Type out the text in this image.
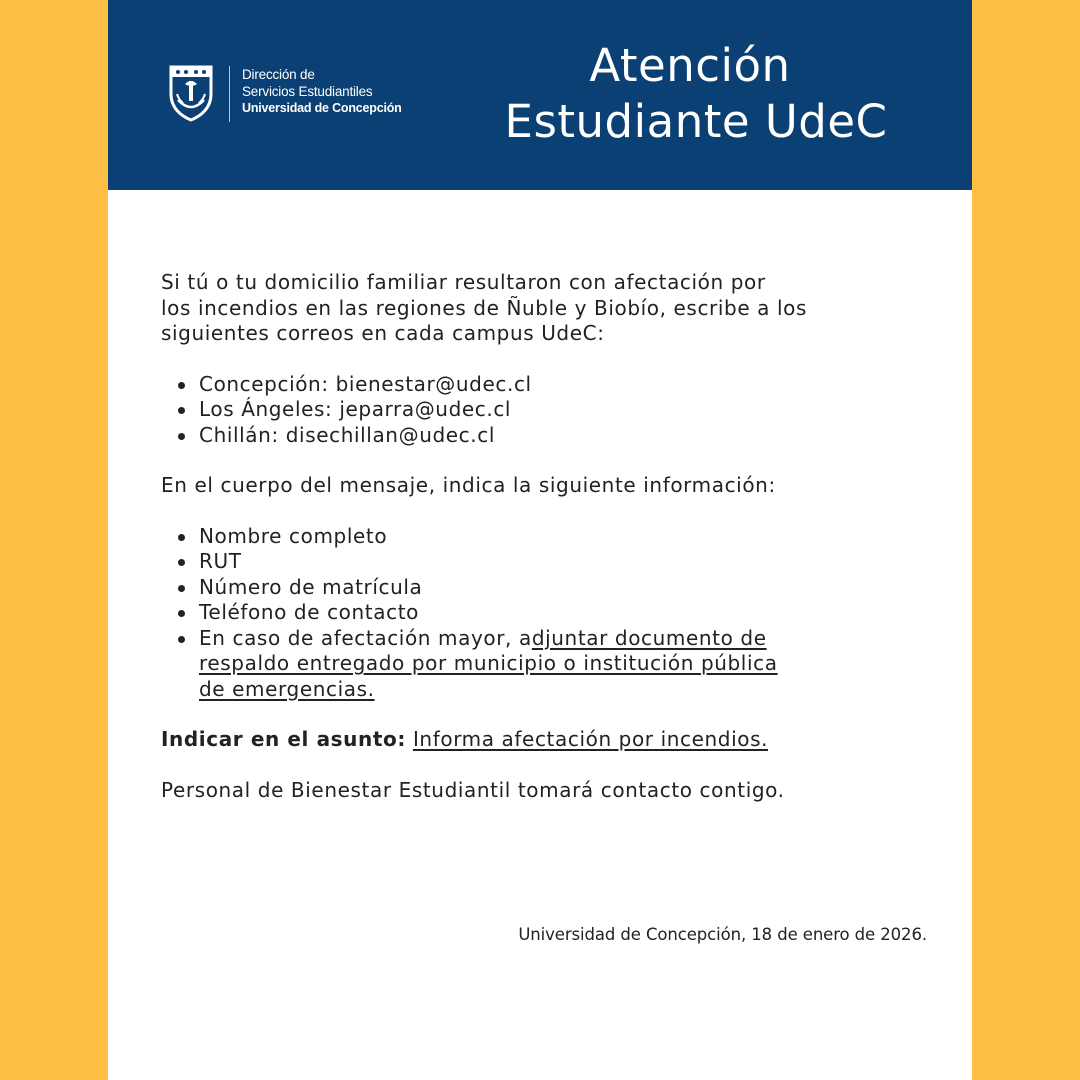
Dirección de
Servicios Estudiantiles
Universidad de Concepción
Atención
Estudiante UdeC

Si tú o tu domicilio familiar resultaron con afectación por
los incendios en las regiones de Ñuble y Biobío, escribe a los
siguientes correos en cada campus UdeC:

Concepción: bienestar@udec.cl
Los Ángeles: jeparra@udec.cl
Chillán: disechillan@udec.cl

En el cuerpo del mensaje, indica la siguiente información:

Nombre completo
RUT
Número de matrícula
Teléfono de contacto
En caso de afectación mayor, adjuntar documento de
respaldo entregado por municipio o institución pública
de emergencias.

Indicar en el asunto: Informa afectación por incendios.

Personal de Bienestar Estudiantil tomará contacto contigo.

Universidad de Concepción, 18 de enero de 2026.
